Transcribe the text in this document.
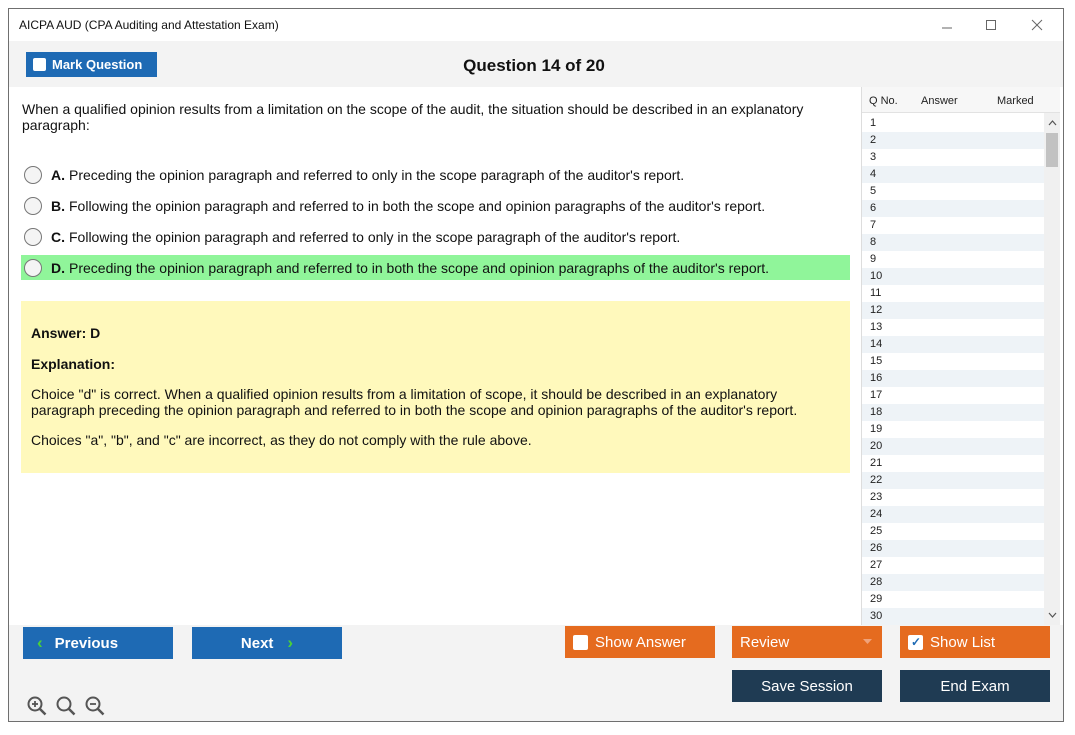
AICPA AUD (CPA Auditing and Attestation Exam)
Mark Question	Question 14 of 20
When a qualified opinion results from a limitation on the scope of the audit, the situation should be described in an explanatory paragraph:
A. Preceding the opinion paragraph and referred to only in the scope paragraph of the auditor's report.
B. Following the opinion paragraph and referred to in both the scope and opinion paragraphs of the auditor's report.
C. Following the opinion paragraph and referred to only in the scope paragraph of the auditor's report.
D. Preceding the opinion paragraph and referred to in both the scope and opinion paragraphs of the auditor's report.
Answer: D
Explanation:

Choice "d" is correct. When a qualified opinion results from a limitation of scope, it should be described in an explanatory paragraph preceding the opinion paragraph and referred to in both the scope and opinion paragraphs of the auditor's report.

Choices "a", "b", and "c" are incorrect, as they do not comply with the rule above.

Q No. Answer	Marked
1
2
3
4
5
6
7
8
9
10
11
12
13
14
15
16
17
18
19
20
21
22
23
24
25
26
27
28
29
30
‹ Previous	Next ›	Show Answer	Review	✓ Show List
Save Session	End Exam
